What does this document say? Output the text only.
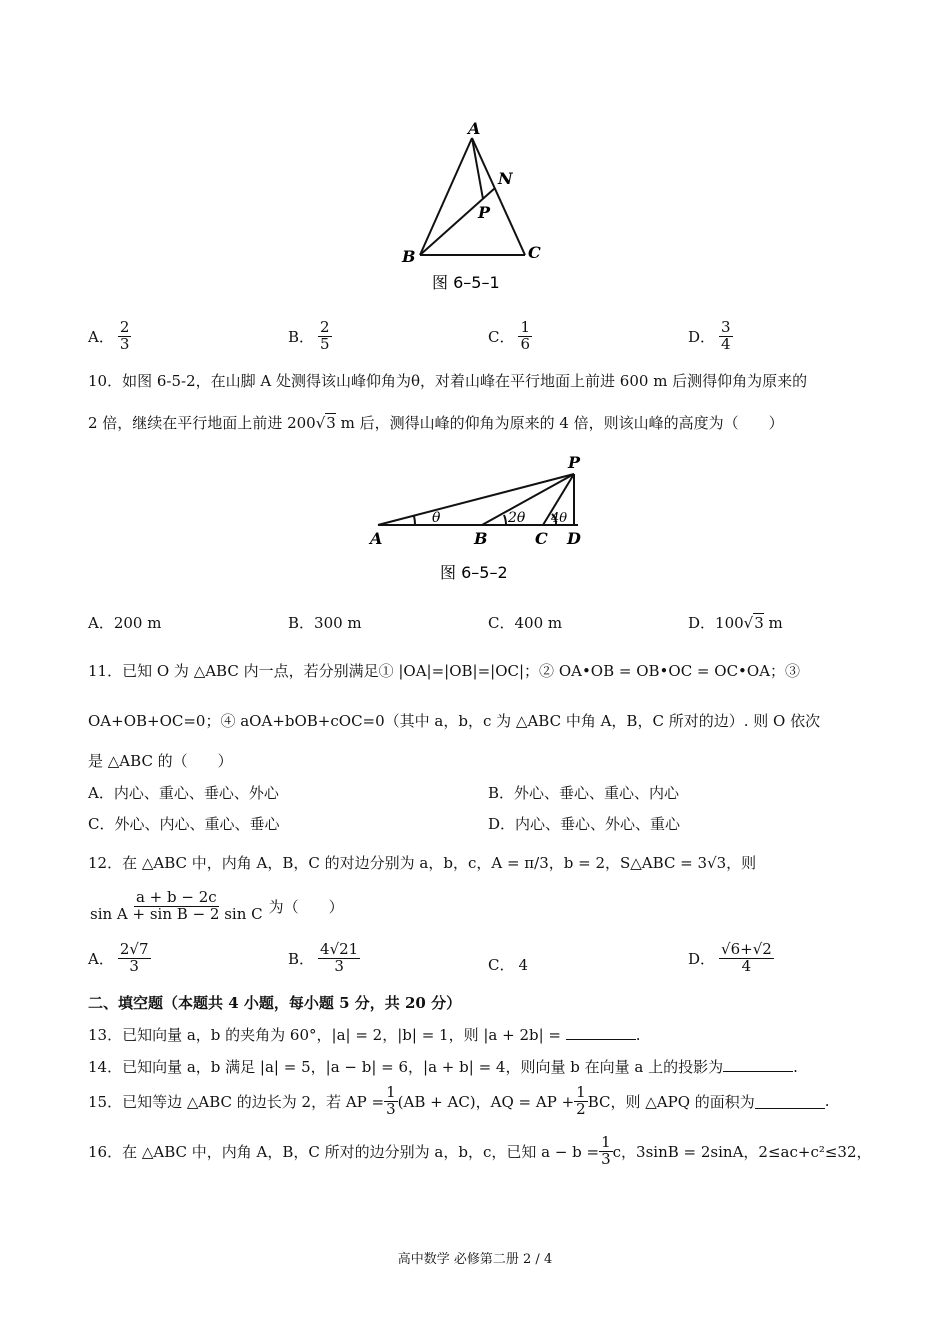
A
N
P
B	C
图 6–5–1
A． $\frac{2}{3}$	B． $\frac{2}{5}$	C． $\frac{1}{6}$	D． $\frac{3}{4}$
10．如图 6-5-2，在山脚 A 处测得该山峰仰角为θ，对着山峰在平行地面上前进 600 m 后测得仰角为原来的
2 倍，继续在平行地面上前进 200√3 m 后，测得山峰的仰角为原来的 4 倍，则该山峰的高度为（　　）
P
A	B	C D
θ	2θ 4θ
图 6–5–2
A．200 m	B．300 m	C．400 m	D．100 √ 3 m
11．已知 O 为 △ABC 内一点，若分别满足① |OA|=|OB|=|OC|；② OA•OB = OB•OC = OC•OA；③
OA+OB+OC=0；④ aOA+bOB+cOC=0（其中 a，b，c 为 △ABC 中角 A，B，C 所对的边）. 则 O 依次
是 △ABC 的（　　）
A．内心、重心、垂心、外心	B．外心、垂心、重心、内心
C．外心、内心、重心、垂心	D．内心、垂心、外心、重心
12．在 △ABC 中，内角 A，B，C 的对边分别为 a，b，c，A = π/3，b = 2，S△ABC = 3√3，则
$\frac{a + b - 2c}{\text{sin A + sin B − 2 sin C}}$ 为（　　）
A． $\frac{2√7}{3}$	B． $\frac{4√21}{3}$	C． 4	D． $\frac{√6+√2}{4}$
二、填空题（本题共 4 小题，每小题 5 分，共 20 分）
13．已知向量 a，b 的夹角为 60°，|a| = 2，|b| = 1，则 |a + 2b| =	.
14．已知向量 a，b 满足 |a| = 5，|a − b| = 6，|a + b| = 4，则向量 b 在向量 a 上的投影为	.
15．已知等边 △ABC 的边长为 2，若 AP = $\frac{1}{3} (AB + AC)$，AQ = AP + $\frac{1}{2}$ BC，则 △APQ 的面积为	.
16．在 △ABC 中，内角 A，B，C 所对的边分别为 a，b，c，已知 $a - b = \frac{1}{3}$ c，3sinB = 2sinA，2≤ac+c²≤32，
高中数学 必修第二册 2 / 4
